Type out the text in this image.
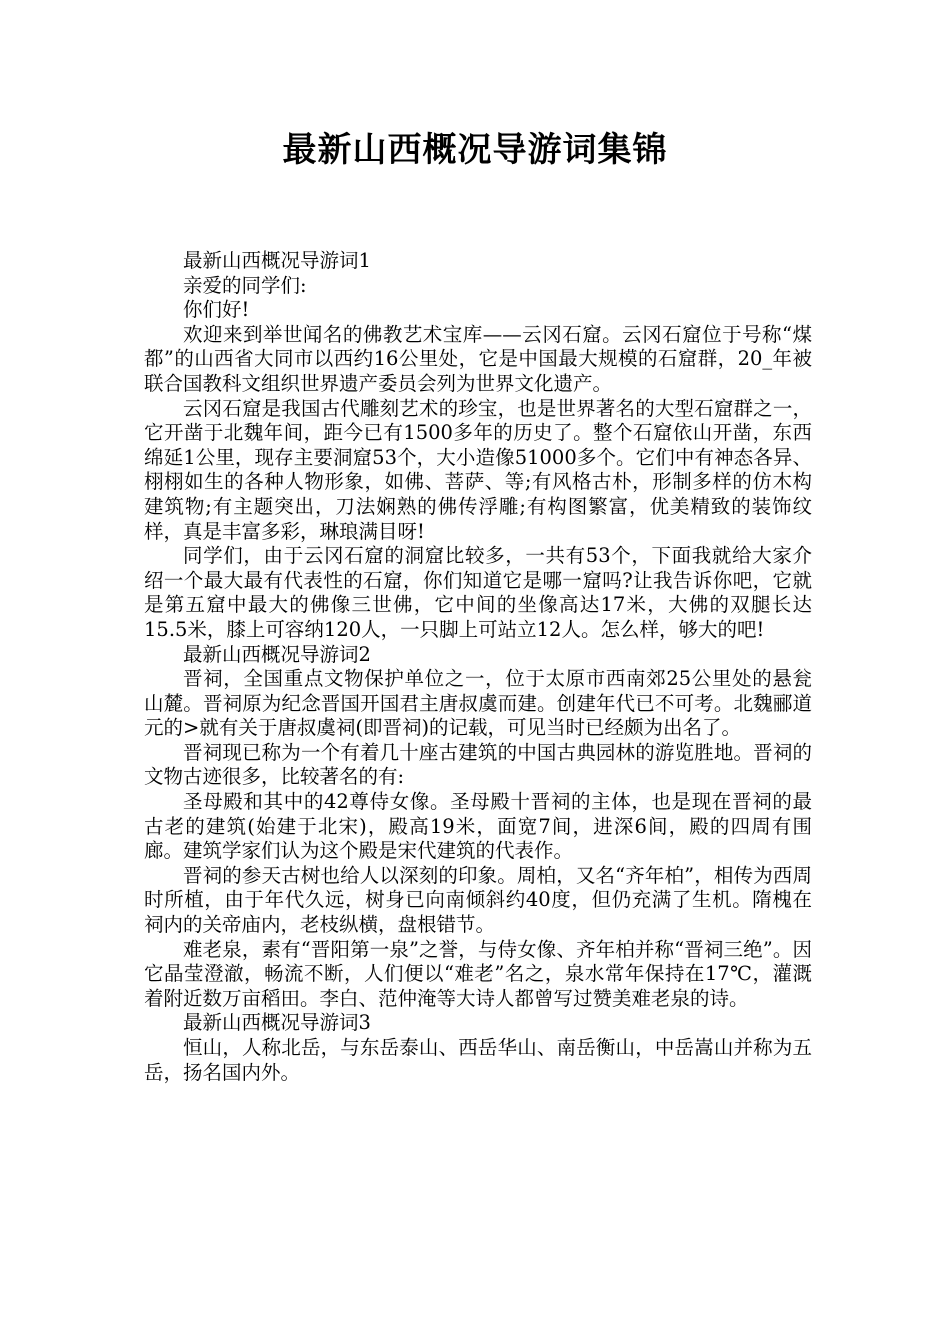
最新山西概况导游词集锦

最新山西概况导游词1

亲爱的同学们:

你们好!

欢迎来到举世闻名的佛教艺术宝库——云冈石窟。云冈石窟位于号称“煤都”的山西省大同市以西约16公里处，它是中国最大规模的石窟群，20_年被联合国教科文组织世界遗产委员会列为世界文化遗产。

云冈石窟是我国古代雕刻艺术的珍宝，也是世界著名的大型石窟群之一，它开凿于北魏年间，距今已有1500多年的历史了。整个石窟依山开凿，东西绵延1公里，现存主要洞窟53个，大小造像51000多个。它们中有神态各异、栩栩如生的各种人物形象，如佛、菩萨、等;有风格古朴，形制多样的仿木构建筑物;有主题突出，刀法娴熟的佛传浮雕;有构图繁富，优美精致的装饰纹样，真是丰富多彩，琳琅满目呀!

同学们，由于云冈石窟的洞窟比较多，一共有53个，下面我就给大家介绍一个最大最有代表性的石窟，你们知道它是哪一窟吗?让我告诉你吧，它就是第五窟中最大的佛像三世佛，它中间的坐像高达17米，大佛的双腿长达15.5米，膝上可容纳120人，一只脚上可站立12人。怎么样，够大的吧!

最新山西概况导游词2

晋祠，全国重点文物保护单位之一，位于太原市西南郊25公里处的悬瓮山麓。晋祠原为纪念晋国开国君主唐叔虞而建。创建年代已不可考。北魏郦道元的>就有关于唐叔虞祠(即晋祠)的记载，可见当时已经颇为出名了。

晋祠现已称为一个有着几十座古建筑的中国古典园林的游览胜地。晋祠的文物古迹很多，比较著名的有:

圣母殿和其中的42尊侍女像。圣母殿十晋祠的主体，也是现在晋祠的最古老的建筑(始建于北宋)，殿高19米，面宽7间，进深6间，殿的四周有围廊。建筑学家们认为这个殿是宋代建筑的代表作。

晋祠的参天古树也给人以深刻的印象。周柏，又名“齐年柏”，相传为西周时所植，由于年代久远，树身已向南倾斜约40度，但仍充满了生机。隋槐在祠内的关帝庙内，老枝纵横，盘根错节。

难老泉，素有“晋阳第一泉”之誉，与侍女像、齐年柏并称“晋祠三绝”。因它晶莹澄澈，畅流不断，人们便以“难老”名之，泉水常年保持在17℃，灌溉着附近数万亩稻田。李白、范仲淹等大诗人都曾写过赞美难老泉的诗。

最新山西概况导游词3

恒山，人称北岳，与东岳泰山、西岳华山、南岳衡山，中岳嵩山并称为五岳，扬名国内外。
